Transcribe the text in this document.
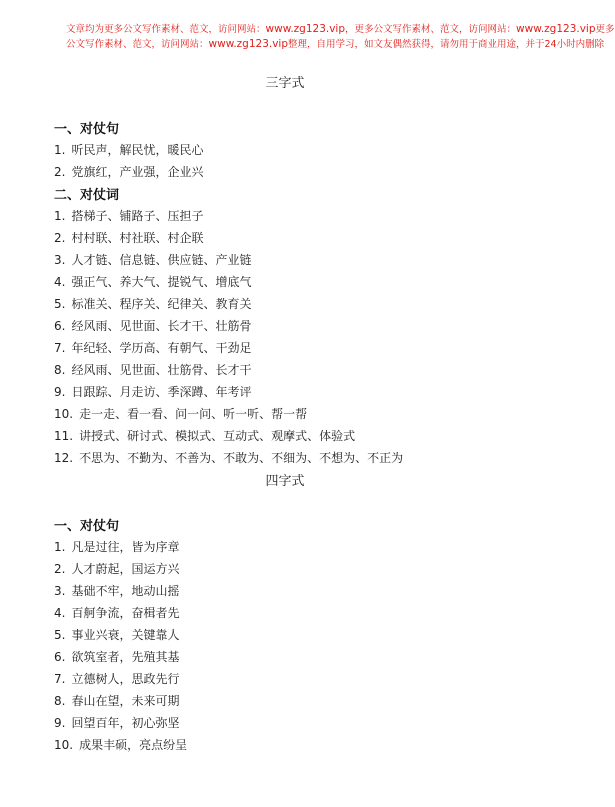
文章均为更多公文写作素材、范文，访问网站：www.zg123.vip，更多公文写作素材、范文，访问网站：www.zg123.vip更多
公文写作素材、范文，访问网站：www.zg123.vip整理，自用学习，如文友偶然获得，请勿用于商业用途，并于24小时内删除
三字式
一、对仗句
1. 听民声，解民忧，暖民心
2. 党旗红，产业强，企业兴
二、对仗词
1. 搭梯子、铺路子、压担子
2. 村村联、村社联、村企联
3. 人才链、信息链、供应链、产业链
4. 强正气、养大气、提锐气、增底气
5. 标准关、程序关、纪律关、教育关
6. 经风雨、见世面、长才干、壮筋骨
7. 年纪轻、学历高、有朝气、干劲足
8. 经风雨、见世面、壮筋骨、长才干
9. 日跟踪、月走访、季深蹲、年考评
10. 走一走、看一看、问一问、听一听、帮一帮
11. 讲授式、研讨式、模拟式、互动式、观摩式、体验式
12. 不思为、不勤为、不善为、不敢为、不细为、不想为、不正为
四字式
一、对仗句
1. 凡是过往，皆为序章
2. 人才蔚起，国运方兴
3. 基础不牢，地动山摇
4. 百舸争流，奋楫者先
5. 事业兴衰，关键靠人
6. 欲筑室者，先殖其基
7. 立德树人，思政先行
8. 春山在望，未来可期
9. 回望百年，初心弥坚
10. 成果丰硕，亮点纷呈
